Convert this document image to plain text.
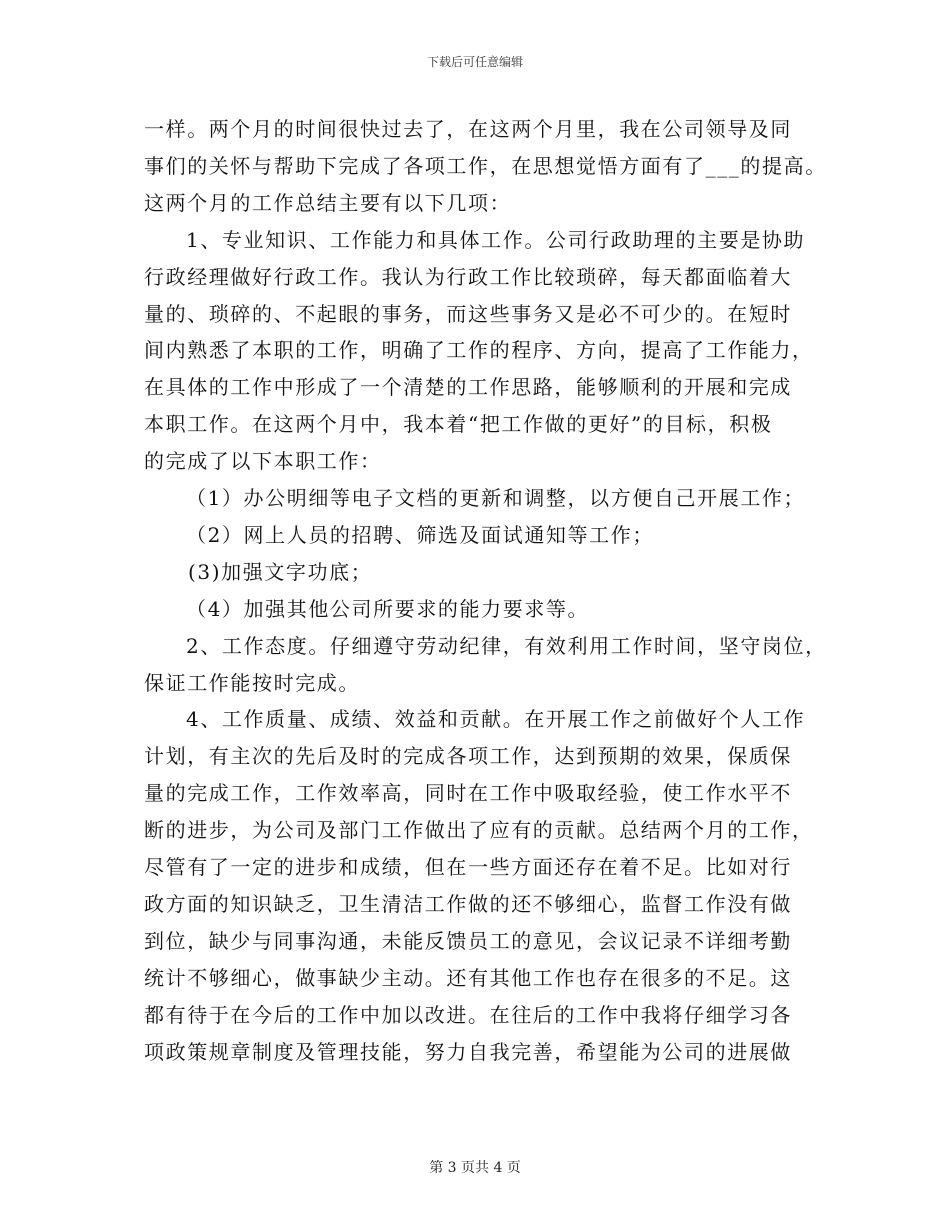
下载后可任意编辑
一样。两个月的时间很快过去了，在这两个月里，我在公司领导及同
事们的关怀与帮助下完成了各项工作，在思想觉悟方面有了___的提高。
这两个月的工作总结主要有以下几项：
1、专业知识、工作能力和具体工作。公司行政助理的主要是协助
行政经理做好行政工作。我认为行政工作比较琐碎，每天都面临着大
量的、琐碎的、不起眼的事务，而这些事务又是必不可少的。在短时
间内熟悉了本职的工作，明确了工作的程序、方向，提高了工作能力，
在具体的工作中形成了一个清楚的工作思路，能够顺利的开展和完成
本职工作。在这两个月中，我本着“把工作做的更好”的目标，积极
的完成了以下本职工作：
（1）办公明细等电子文档的更新和调整，以方便自己开展工作；
（2）网上人员的招聘、筛选及面试通知等工作；
(3)加强文字功底；
（4）加强其他公司所要求的能力要求等。
2、工作态度。仔细遵守劳动纪律，有效利用工作时间，坚守岗位，
保证工作能按时完成。
4、工作质量、成绩、效益和贡献。在开展工作之前做好个人工作
计划，有主次的先后及时的完成各项工作，达到预期的效果，保质保
量的完成工作，工作效率高，同时在工作中吸取经验，使工作水平不
断的进步，为公司及部门工作做出了应有的贡献。总结两个月的工作，
尽管有了一定的进步和成绩，但在一些方面还存在着不足。比如对行
政方面的知识缺乏，卫生清洁工作做的还不够细心，监督工作没有做
到位，缺少与同事沟通，未能反馈员工的意见，会议记录不详细考勤
统计不够细心，做事缺少主动。还有其他工作也存在很多的不足。这
都有待于在今后的工作中加以改进。在往后的工作中我将仔细学习各
项政策规章制度及管理技能，努力自我完善，希望能为公司的进展做
第 3 页共 4 页
